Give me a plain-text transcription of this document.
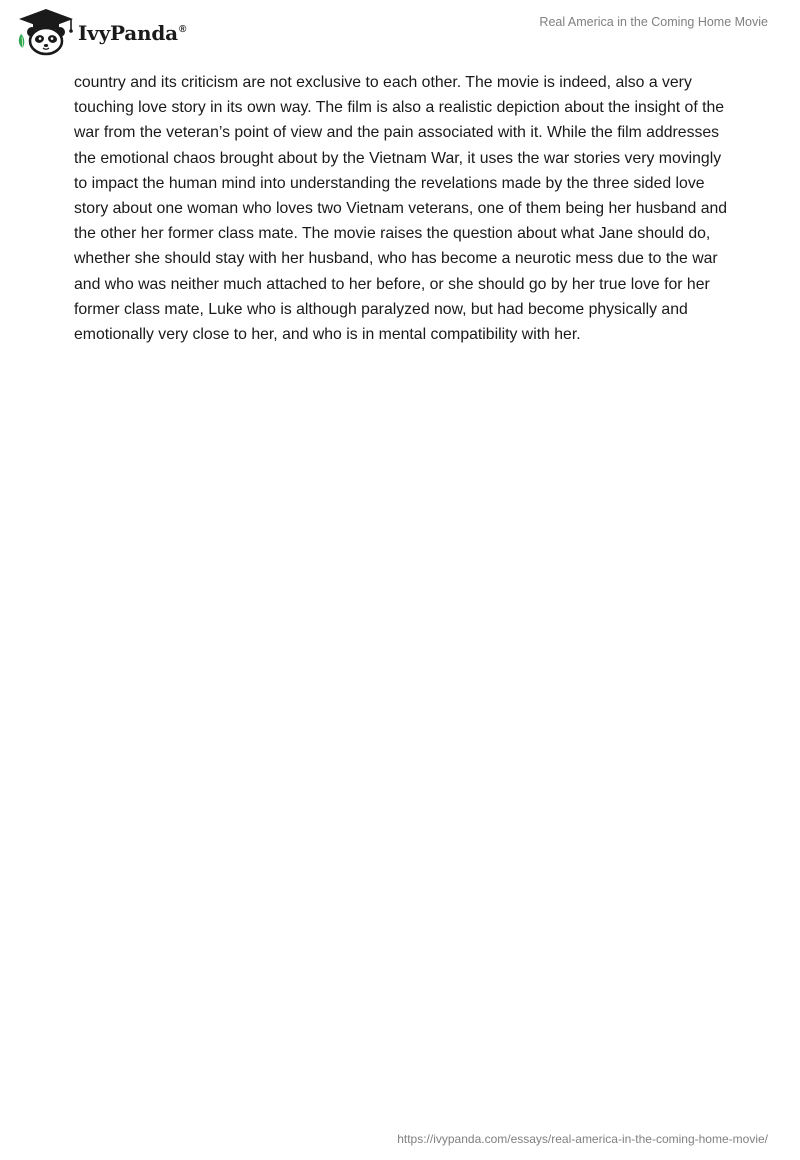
IvyPanda®
Real America in the Coming Home Movie

country and its criticism are not exclusive to each other. The movie is indeed, also a very touching love story in its own way. The film is also a realistic depiction about the insight of the war from the veteran’s point of view and the pain associated with it. While the film addresses the emotional chaos brought about by the Vietnam War, it uses the war stories very movingly to impact the human mind into understanding the revelations made by the three sided love story about one woman who loves two Vietnam veterans, one of them being her husband and the other her former class mate. The movie raises the question about what Jane should do, whether she should stay with her husband, who has become a neurotic mess due to the war and who was neither much attached to her before, or she should go by her true love for her former class mate, Luke who is although paralyzed now, but had become physically and emotionally very close to her, and who is in mental compatibility with her.

https://ivypanda.com/essays/real-america-in-the-coming-home-movie/
